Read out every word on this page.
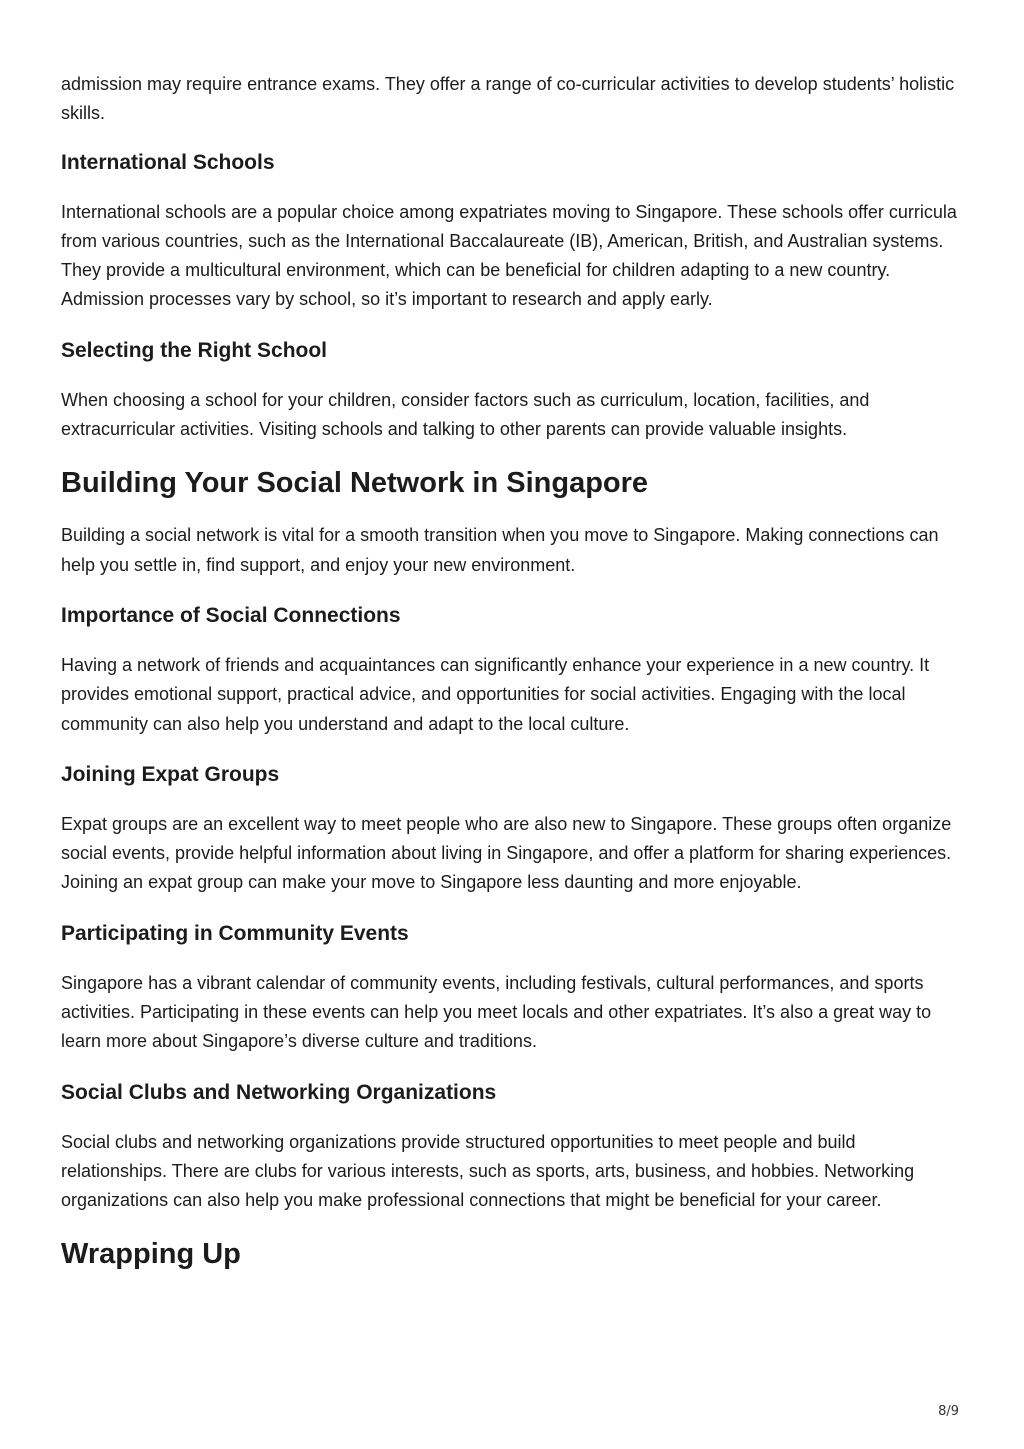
admission may require entrance exams. They offer a range of co-curricular activities to develop students’ holistic skills.

International Schools

International schools are a popular choice among expatriates moving to Singapore. These schools offer curricula from various countries, such as the International Baccalaureate (IB), American, British, and Australian systems. They provide a multicultural environment, which can be beneficial for children adapting to a new country. Admission processes vary by school, so it’s important to research and apply early.

Selecting the Right School

When choosing a school for your children, consider factors such as curriculum, location, facilities, and extracurricular activities. Visiting schools and talking to other parents can provide valuable insights.

Building Your Social Network in Singapore

Building a social network is vital for a smooth transition when you move to Singapore. Making connections can help you settle in, find support, and enjoy your new environment.

Importance of Social Connections

Having a network of friends and acquaintances can significantly enhance your experience in a new country. It provides emotional support, practical advice, and opportunities for social activities. Engaging with the local community can also help you understand and adapt to the local culture.

Joining Expat Groups

Expat groups are an excellent way to meet people who are also new to Singapore. These groups often organize social events, provide helpful information about living in Singapore, and offer a platform for sharing experiences. Joining an expat group can make your move to Singapore less daunting and more enjoyable.

Participating in Community Events

Singapore has a vibrant calendar of community events, including festivals, cultural performances, and sports activities. Participating in these events can help you meet locals and other expatriates. It’s also a great way to learn more about Singapore’s diverse culture and traditions.

Social Clubs and Networking Organizations

Social clubs and networking organizations provide structured opportunities to meet people and build relationships. There are clubs for various interests, such as sports, arts, business, and hobbies. Networking organizations can also help you make professional connections that might be beneficial for your career.

Wrapping Up
8/9
